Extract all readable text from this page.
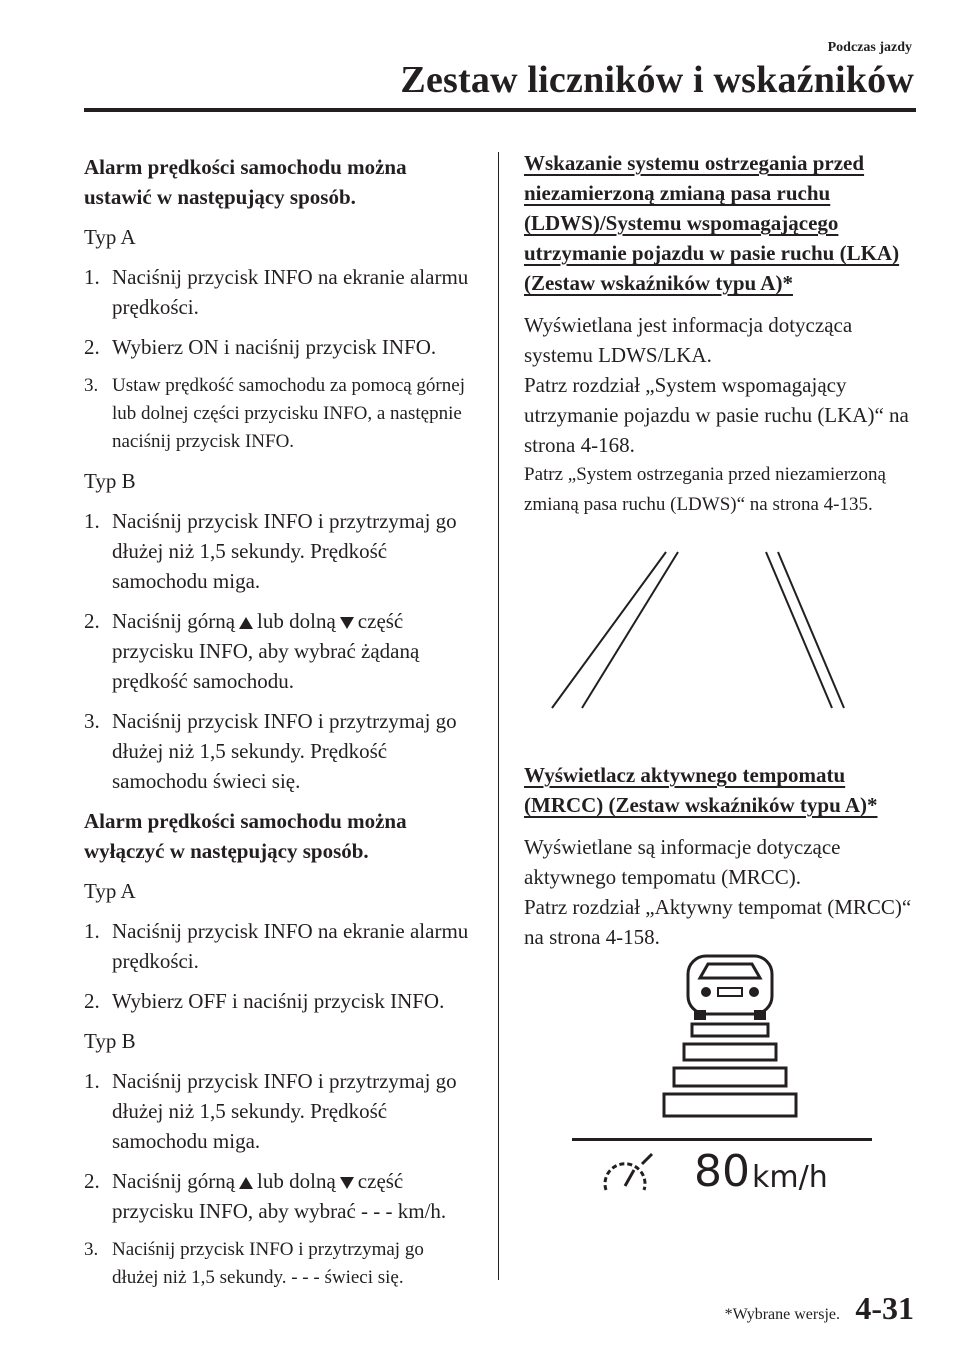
Podczas jazdy
Zestaw liczników i wskaźników

Alarm prędkości samochodu można ustawić w następujący sposób.

Typ A

1. Naciśnij przycisk INFO na ekranie alarmu prędkości.
2. Wybierz ON i naciśnij przycisk INFO.
3. Ustaw prędkość samochodu za pomocą górnej lub dolnej części przycisku INFO, a następnie naciśnij przycisk INFO.

Typ B

1. Naciśnij przycisk INFO i przytrzymaj go dłużej niż 1,5 sekundy. Prędkość samochodu miga.
2. Naciśnij górną lub dolną część przycisku INFO, aby wybrać żądaną prędkość samochodu.
3. Naciśnij przycisk INFO i przytrzymaj go dłużej niż 1,5 sekundy. Prędkość samochodu świeci się.

Alarm prędkości samochodu można wyłączyć w następujący sposób.

Typ A

1. Naciśnij przycisk INFO na ekranie alarmu prędkości.
2. Wybierz OFF i naciśnij przycisk INFO.

Typ B

1. Naciśnij przycisk INFO i przytrzymaj go dłużej niż 1,5 sekundy. Prędkość samochodu miga.
2. Naciśnij górną lub dolną część przycisku INFO, aby wybrać - - - km/h.
3. Naciśnij przycisk INFO i przytrzymaj go dłużej niż 1,5 sekundy. - - - świeci się.

Wskazanie systemu ostrzegania przed niezamierzoną zmianą pasa ruchu (LDWS)/Systemu wspomagającego utrzymanie pojazdu w pasie ruchu (LKA) (Zestaw wskaźników typu A)*

Wyświetlana jest informacja dotycząca systemu LDWS/LKA.

Patrz rozdział „System wspomagający utrzymanie pojazdu w pasie ruchu (LKA)“ na strona 4-168.

Patrz „System ostrzegania przed niezamierzoną zmianą pasa ruchu (LDWS)“ na strona 4-135.

Wyświetlacz aktywnego tempomatu (MRCC) (Zestaw wskaźników typu A)*

Wyświetlane są informacje dotyczące aktywnego tempomatu (MRCC).

Patrz rozdział „Aktywny tempomat (MRCC)“ na strona 4-158.

80 km/h
*Wybrane wersje. 4-31
